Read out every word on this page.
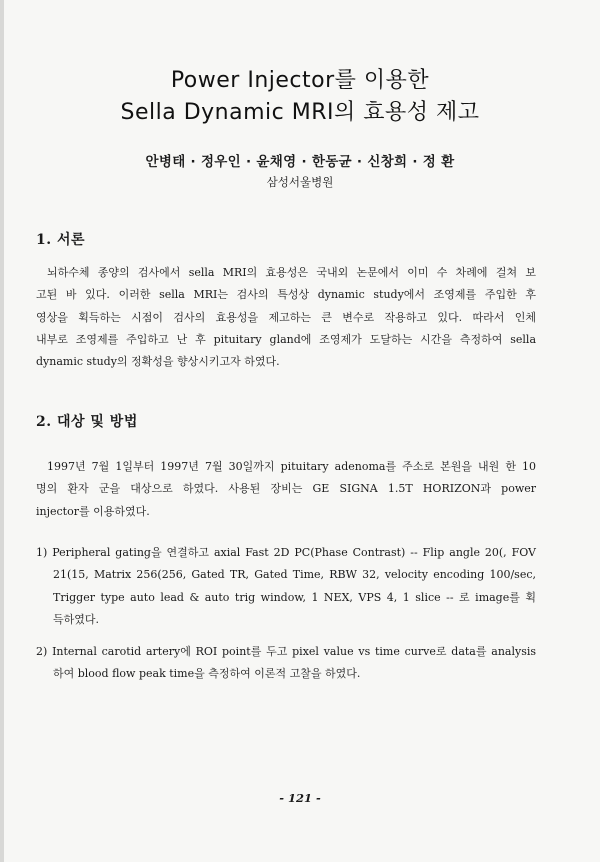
Power Injector를 이용한
Sella Dynamic MRI의 효용성 제고
안병태 · 정우인 · 윤채영 · 한동균 · 신창희 · 정 환
삼성서울병원
1. 서론
뇌하수체 종양의 검사에서 sella MRI의 효용성은 국내외 논문에서 이미 수 차례에 걸쳐 보
고된 바 있다. 이러한 sella MRI는 검사의 특성상 dynamic study에서 조영제를 주입한 후
영상을 획득하는 시점이 검사의 효용성을 제고하는 큰 변수로 작용하고 있다. 따라서 인체
내부로 조영제를 주입하고 난 후 pituitary gland에 조영제가 도달하는 시간을 측정하여 sella
dynamic study의 정확성을 향상시키고자 하였다.
2. 대상 및 방법
1997년 7월 1일부터 1997년 7월 30일까지 pituitary adenoma를 주소로 본원을 내원 한 10
명의 환자 군을 대상으로 하였다. 사용된 장비는 GE SIGNA 1.5T HORIZON과 power
injector를 이용하였다.
1) Peripheral gating을 연결하고 axial Fast 2D PC(Phase Contrast) -- Flip angle 20(, FOV
21(15, Matrix 256(256, Gated TR, Gated Time, RBW 32, velocity encoding 100/sec,
Trigger type auto lead & auto trig window, 1 NEX, VPS 4, 1 slice -- 로 image를 획
득하였다.
2) Internal carotid artery에 ROI point를 두고 pixel value vs time curve로 data를 analysis
하여 blood flow peak time을 측정하여 이론적 고찰을 하였다.
- 121 -
